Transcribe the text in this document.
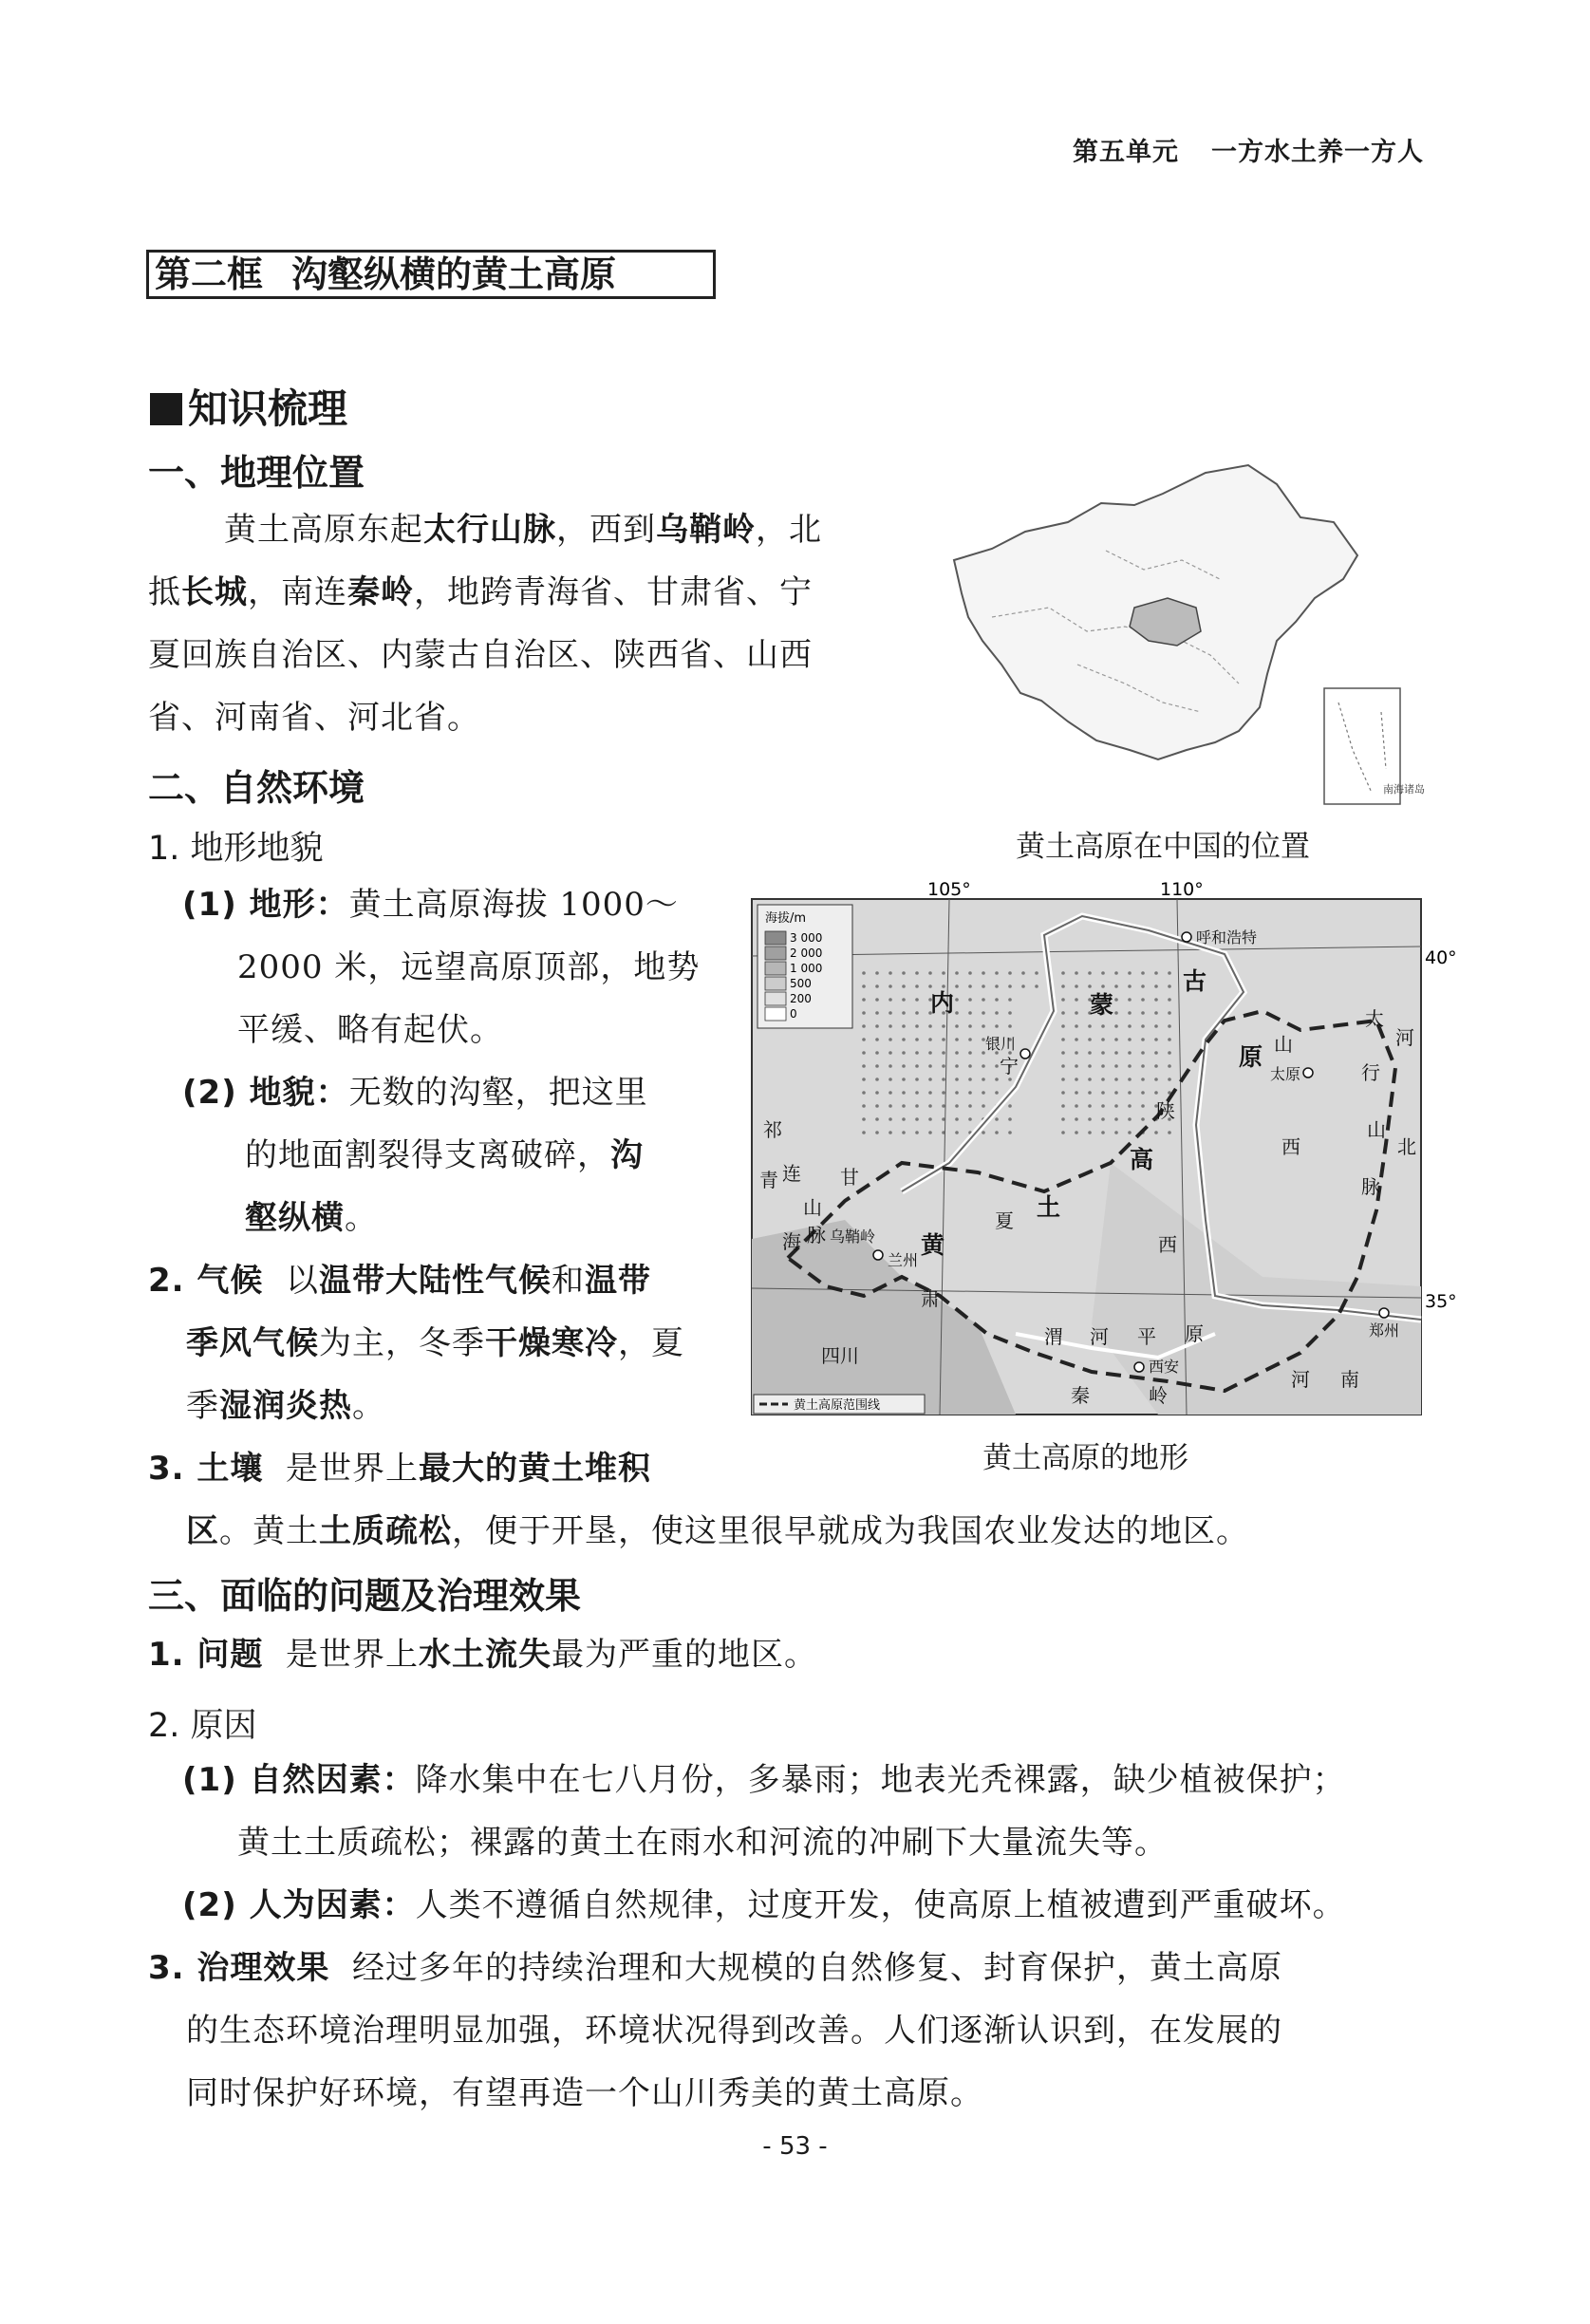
第五单元 一方水土养一方人
第二框 沟壑纵横的黄土高原
知识梳理
一、地理位置
黄土高原东起太行山脉，西到乌鞘岭，北
抵长城，南连秦岭，地跨青海省、甘肃省、宁
夏回族自治区、内蒙古自治区、陕西省、山西
省、河南省、河北省。
南海诸岛
黄土高原在中国的位置
二、自然环境
1. 地形地貌
(1) 地形：黄土高原海拔 1000～
2000 米，远望高原顶部，地势
平缓、略有起伏。
(2) 地貌：无数的沟壑，把这里
的地面割裂得支离破碎，沟
壑纵横。
2. 气候 以温带大陆性气候和温带
季风气候为主，冬季干燥寒冷，夏
季湿润炎热。
3. 土壤 是世界上最大的黄土堆积
区。黄土土质疏松，便于开垦，使这里很早就成为我国农业发达的地区。
105°	110°
40°
35°
海拔/m
3 000
2 000
1 000
500
200
0
黄土高原范围线
呼和浩特
银川
太原
兰州
西安
郑州
内	蒙
古
原
高
土
黄
山
西
陕
西
宁
夏
甘
肃
祁
连
山
脉 乌鞘岭
青
海
四川
太
行
山
脉
河
北
河 南
渭 河 平 原
秦	岭
黄土高原的地形
三、面临的问题及治理效果
1. 问题 是世界上水土流失最为严重的地区。
2. 原因
(1) 自然因素：降水集中在七八月份，多暴雨；地表光秃裸露，缺少植被保护；
黄土土质疏松；裸露的黄土在雨水和河流的冲刷下大量流失等。
(2) 人为因素：人类不遵循自然规律，过度开发，使高原上植被遭到严重破坏。
3. 治理效果 经过多年的持续治理和大规模的自然修复、封育保护，黄土高原
的生态环境治理明显加强，环境状况得到改善。人们逐渐认识到，在发展的
同时保护好环境，有望再造一个山川秀美的黄土高原。
- 53 -
